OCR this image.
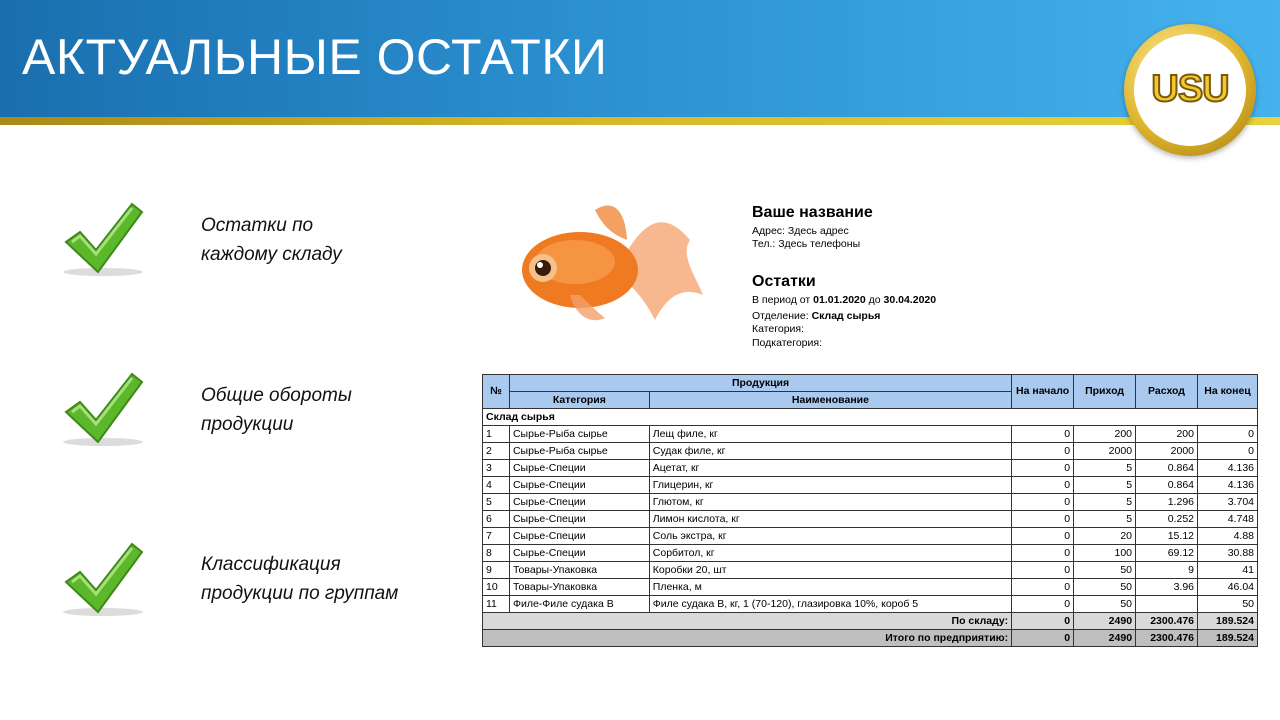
АКТУАЛЬНЫЕ ОСТАТКИ
USU
Остатки по
каждому складу
Общие обороты
продукции
Классификация
продукции по группам
Ваше название
Адрес: Здесь адрес
Тел.: Здесь телефоны
Остатки
В период от 01.01.2020 до 30.04.2020
Отделение: Склад сырья
Категория:
Подкатегория:
№	Продукция		На начало	Приход	Расход	На конец
	Категория	Наименование				
Склад сырья						
1	Сырье-Рыба сырье	Лещ филе, кг	0	200	200	0
2	Сырье-Рыба сырье	Судак филе, кг	0	2000	2000	0
3	Сырье-Специи	Ацетат, кг	0	5	0.864	4.136
4	Сырье-Специи	Глицерин, кг	0	5	0.864	4.136
5	Сырье-Специи	Глютом, кг	0	5	1.296	3.704
6	Сырье-Специи	Лимон кислота, кг	0	5	0.252	4.748
7	Сырье-Специи	Соль экстра, кг	0	20	15.12	4.88
8	Сырье-Специи	Сорбитол, кг	0	100	69.12	30.88
9	Товары-Упаковка	Коробки 20, шт	0	50	9	41
10	Товары-Упаковка	Пленка, м	0	50	3.96	46.04
11	Филе-Филе судака В	Филе судака В, кг, 1 (70-120), глазировка 10%, короб 5	0	50		50
По складу:			0	2490	2300.476	189.524
Итого по предприятию:			0	2490	2300.476	189.524
